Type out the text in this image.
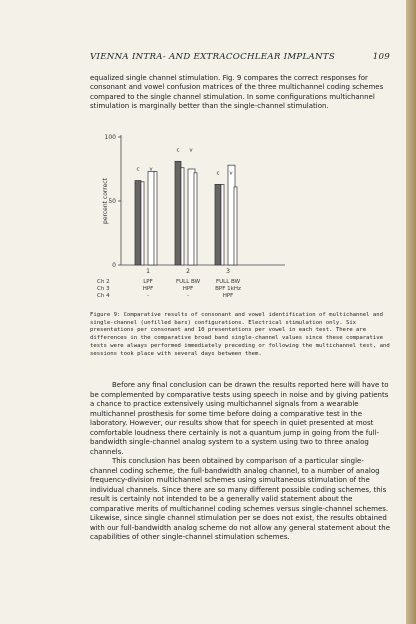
VIENNA INTRA- AND EXTRACOCHLEAR IMPLANTS	109

equalized single channel stimulation. Fig. 9 compares the correct responses for consonant and vowel confusion matrices of the three multichannel coding schemes compared to the single channel stimulation. In some configurations multichannel stimulation is marginally better than the single-channel stimulation.

0
50
100
percent correct
c v
1
LPF
HPF
-
c v
2
FULL BW
HPF
-
c v
3
FULL BW
BPF 1kHz
HPF
Ch 2
Ch 3
Ch 4

Figure 9: Comparative results of consonant and vowel identification of multichannel and single-channel (unfilled bars) configurations. Electrical stimulation only. Six presentations per consonant and 10 presentations per vowel in each test. There are differences in the comparative broad band single-channel values since these comparative tests were always performed immediately preceding or following the multichannel test, and sessions took place with several days between them.

Before any final conclusion can be drawn the results reported here will have to be complemented by comparative tests using speech in noise and by giving patients a chance to practice extensively using multichannel signals from a wearable multichannel prosthesis for some time before doing a comparative test in the laboratory. However, our results show that for speech in quiet presented at most comfortable loudness there certainly is not a quantum jump in going from the full-bandwidth single-channel analog system to a system using two to three analog channels.

This conclusion has been obtained by comparison of a particular single-channel coding scheme, the full-bandwidth analog channel, to a number of analog frequency-division multichannel schemes using simultaneous stimulation of the individual channels. Since there are so many different possible coding schemes, this result is certainly not intended to be a generally valid statement about the comparative merits of multichannel coding schemes versus single-channel schemes. Likewise, since single channel stimulation per se does not exist, the results obtained with our full-bandwidth analog scheme do not allow any general statement about the capabilities of other single-channel stimulation schemes.
